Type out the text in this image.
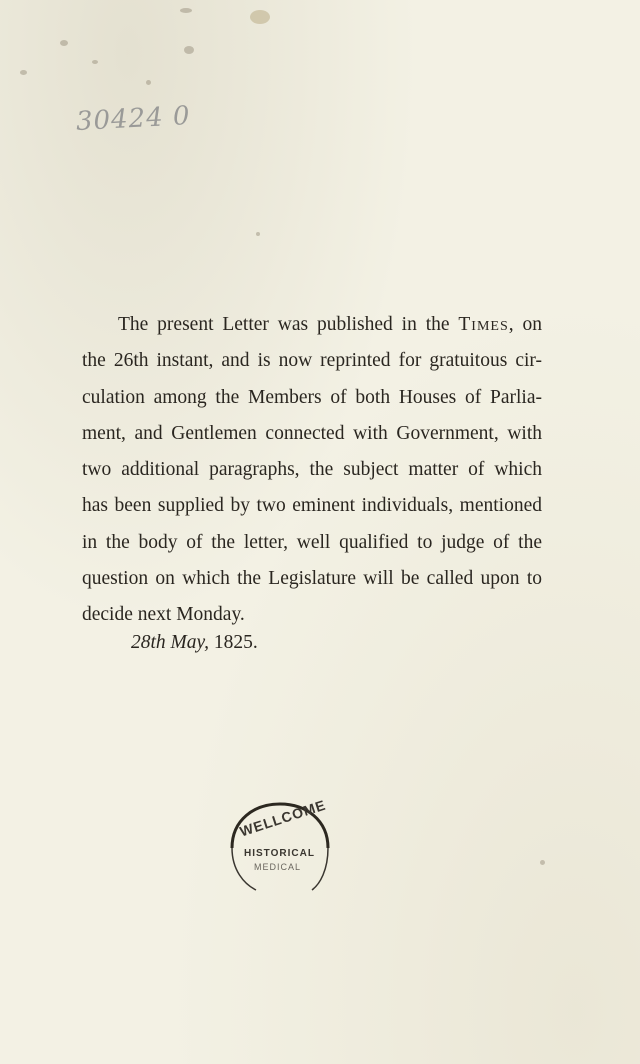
30424 0
The present Letter was published in the Times, on
the 26th instant, and is now reprinted for gratuitous cir-
culation among the Members of both Houses of Parlia-
ment, and Gentlemen connected with Government, with
two additional paragraphs, the subject matter of which
has been supplied by two eminent individuals, mentioned
in the body of the letter, well qualified to judge of the
question on which the Legislature will be called upon to
decide next Monday.
28th May, 1825.
WELLCOME
HISTORICAL
MEDICAL
